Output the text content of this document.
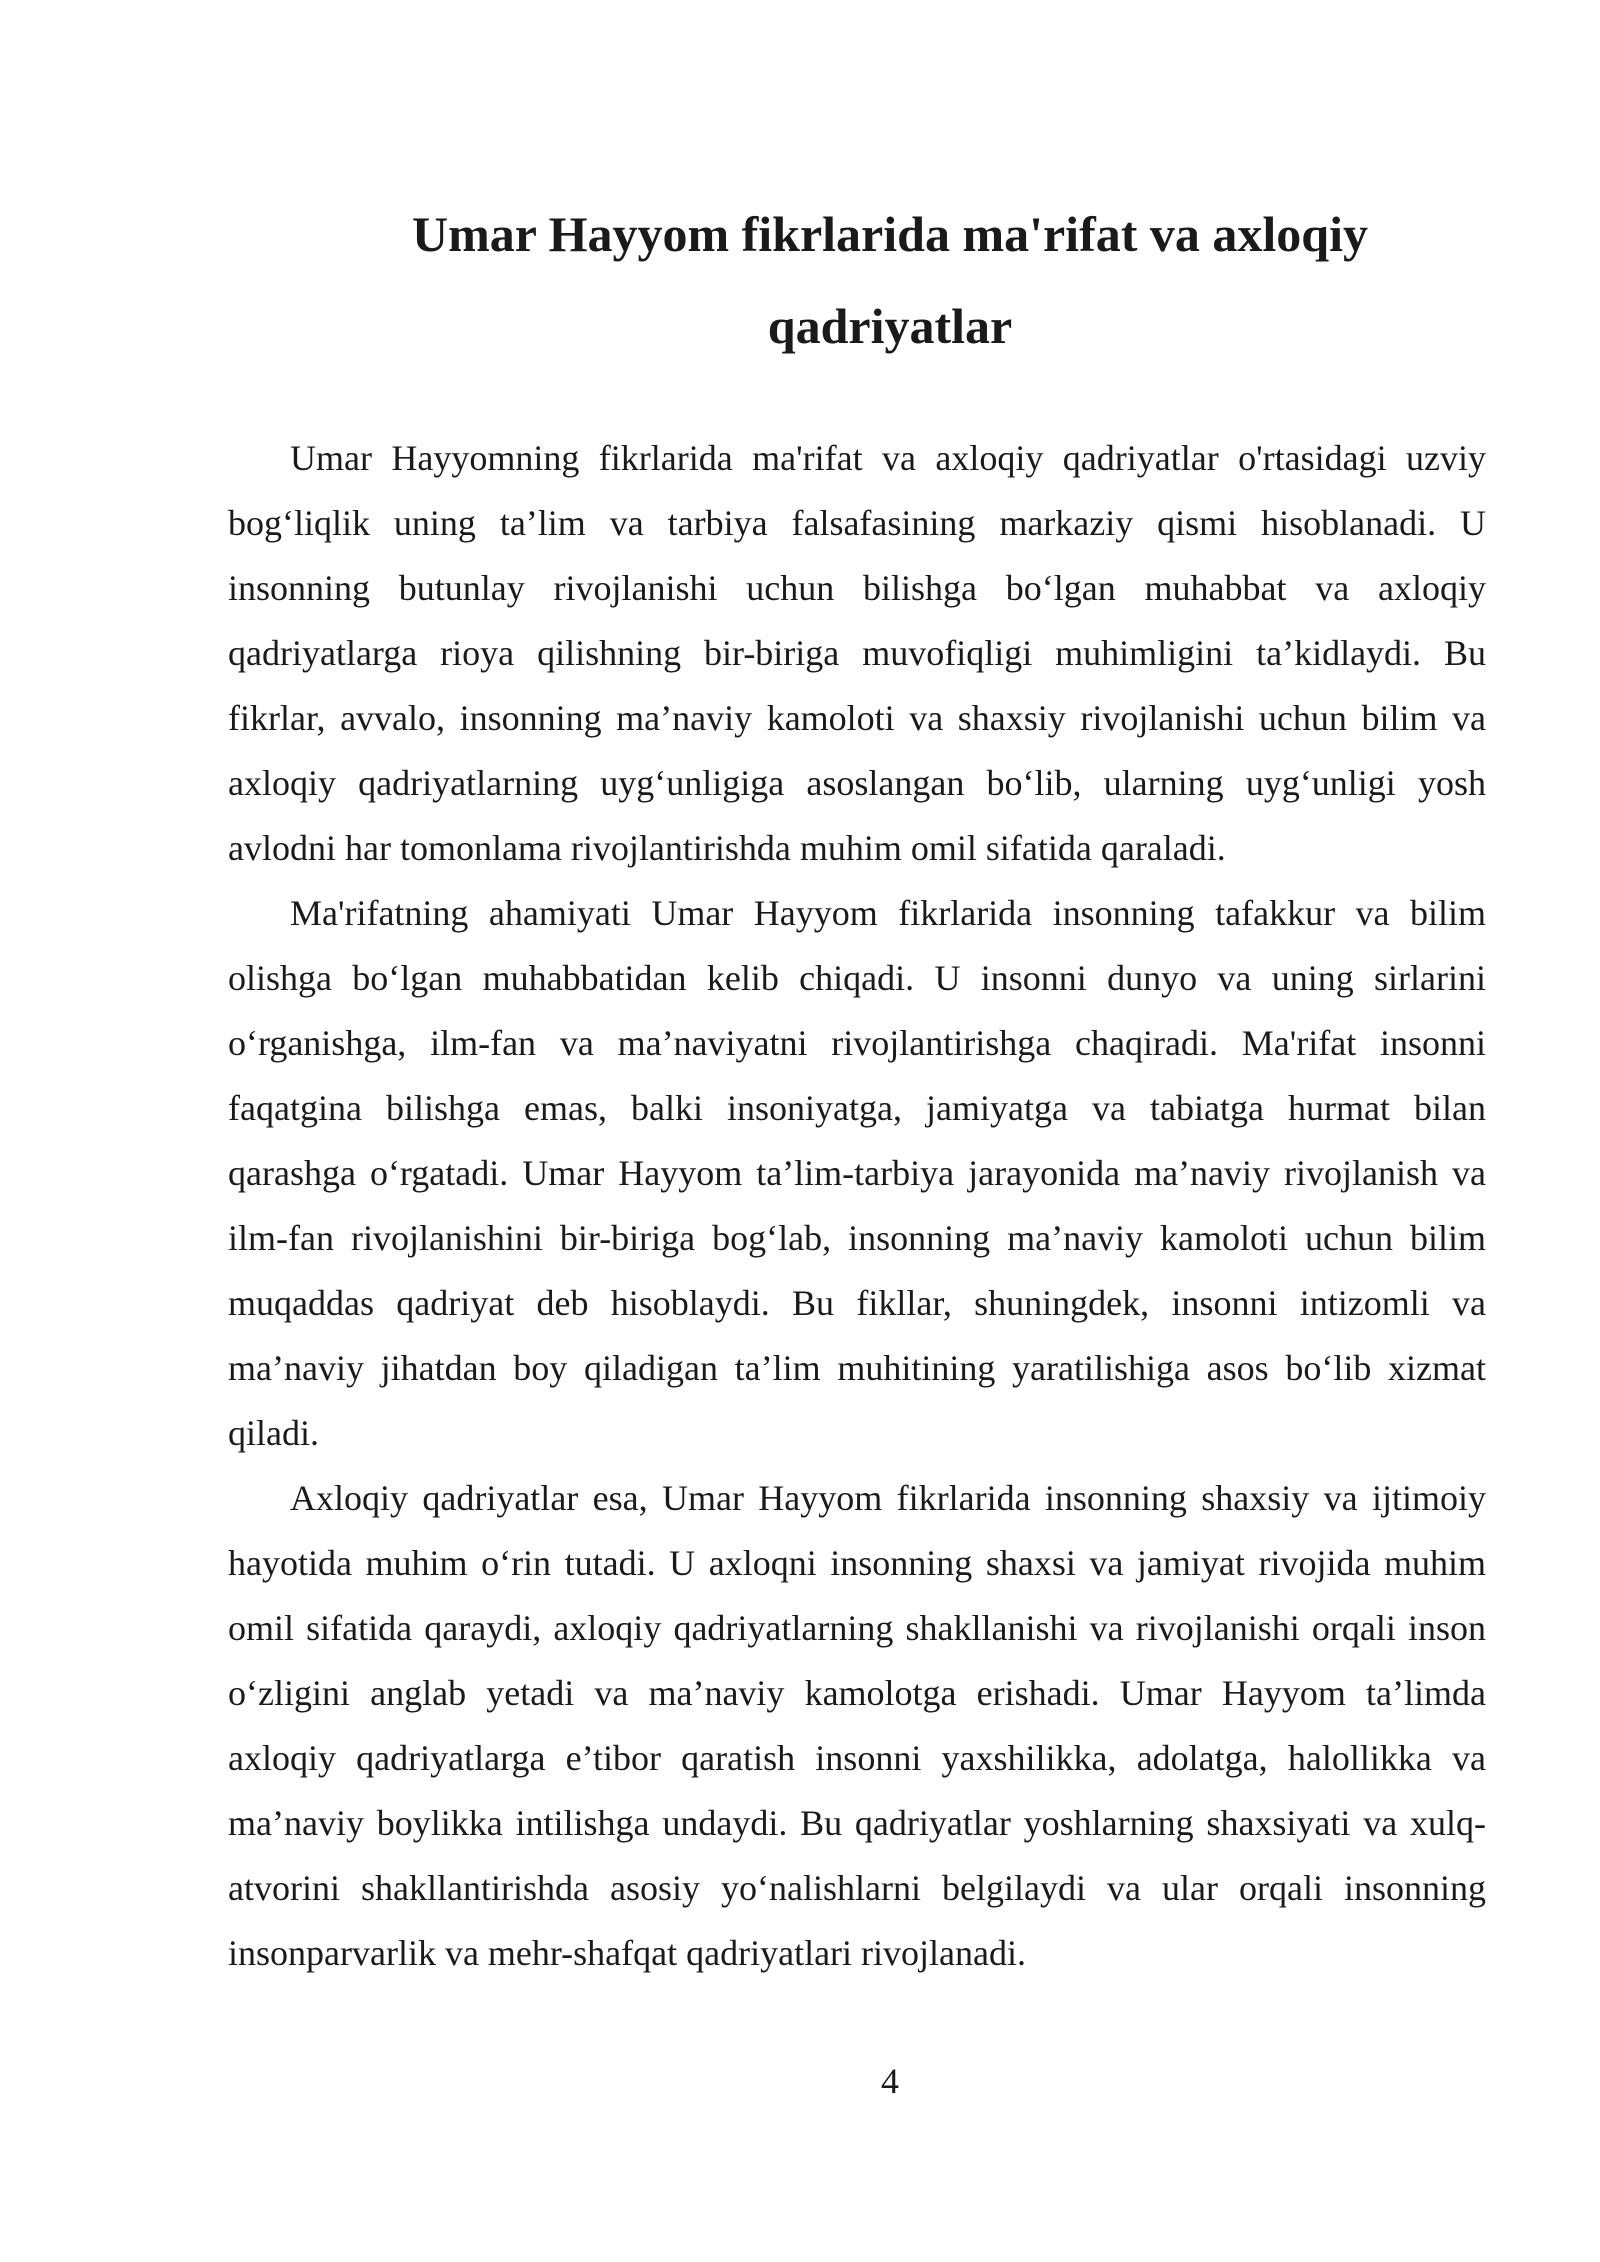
Umar Hayyom fikrlarida ma'rifat va axloqiy
qadriyatlar

Umar Hayyomning fikrlarida ma'rifat va axloqiy qadriyatlar o'rtasidagi uzviy bog‘liqlik uning ta’lim va tarbiya falsafasining markaziy qismi hisoblanadi. U insonning butunlay rivojlanishi uchun bilishga bo‘lgan muhabbat va axloqiy qadriyatlarga rioya qilishning bir-biriga muvofiqligi muhimligini ta’kidlaydi. Bu fikrlar, avvalo, insonning ma’naviy kamoloti va shaxsiy rivojlanishi uchun bilim va axloqiy qadriyatlarning uyg‘unligiga asoslangan bo‘lib, ularning uyg‘unligi yosh avlodni har tomonlama rivojlantirishda muhim omil sifatida qaraladi.

Ma'rifatning ahamiyati Umar Hayyom fikrlarida insonning tafakkur va bilim olishga bo‘lgan muhabbatidan kelib chiqadi. U insonni dunyo va uning sirlarini o‘rganishga, ilm-fan va ma’naviyatni rivojlantirishga chaqiradi. Ma'rifat insonni faqatgina bilishga emas, balki insoniyatga, jamiyatga va tabiatga hurmat bilan qarashga o‘rgatadi. Umar Hayyom ta’lim-tarbiya jarayonida ma’naviy rivojlanish va ilm-fan rivojlanishini bir-biriga bog‘lab, insonning ma’naviy kamoloti uchun bilim muqaddas qadriyat deb hisoblaydi. Bu fikllar, shuningdek, insonni intizomli va ma’naviy jihatdan boy qiladigan ta’lim muhitining yaratilishiga asos bo‘lib xizmat qiladi.

Axloqiy qadriyatlar esa, Umar Hayyom fikrlarida insonning shaxsiy va ijtimoiy hayotida muhim o‘rin tutadi. U axloqni insonning shaxsi va jamiyat rivojida muhim omil sifatida qaraydi, axloqiy qadriyatlarning shakllanishi va rivojlanishi orqali inson o‘zligini anglab yetadi va ma’naviy kamolotga erishadi. Umar Hayyom ta’limda axloqiy qadriyatlarga e’tibor qaratish insonni yaxshilikka, adolatga, halollikka va ma’naviy boylikka intilishga undaydi. Bu qadriyatlar yoshlarning shaxsiyati va xulq-atvorini shakllantirishda asosiy yo‘nalishlarni belgilaydi va ular orqali insonning insonparvarlik va mehr-shafqat qadriyatlari rivojlanadi.

4
